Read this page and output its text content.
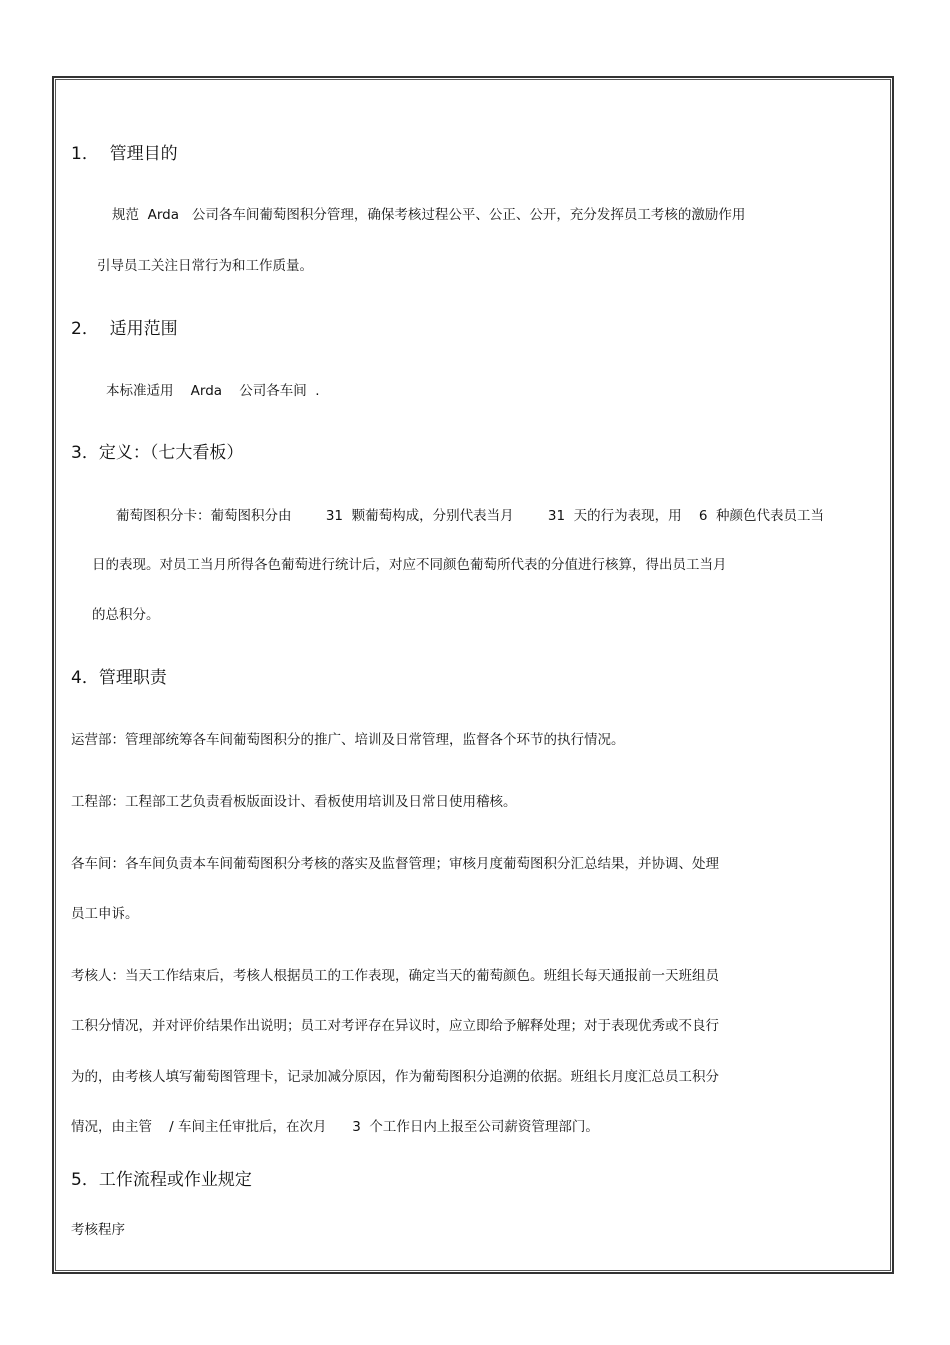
1．  管理目的
规范  Arda   公司各车间葡萄图积分管理，确保考核过程公平、公正、公开，充分发挥员工考核的激励作用
引导员工关注日常行为和工作质量。
2．  适用范围
本标准适用    Arda    公司各车间  .
3．定义：（七大看板）
葡萄图积分卡：葡萄图积分由        31  颗葡萄构成，分别代表当月        31  天的行为表现，用    6  种颜色代表员工当
日的表现。对员工当月所得各色葡萄进行统计后，对应不同颜色葡萄所代表的分值进行核算，得出员工当月
的总积分。
4．管理职责
运营部：管理部统筹各车间葡萄图积分的推广、培训及日常管理，监督各个环节的执行情况。
工程部：工程部工艺负责看板版面设计、看板使用培训及日常日使用稽核。
各车间：各车间负责本车间葡萄图积分考核的落实及监督管理；审核月度葡萄图积分汇总结果，并协调、处理
员工申诉。
考核人：当天工作结束后，考核人根据员工的工作表现，确定当天的葡萄颜色。班组长每天通报前一天班组员
工积分情况，并对评价结果作出说明；员工对考评存在异议时，应立即给予解释处理；对于表现优秀或不良行
为的，由考核人填写葡萄图管理卡，记录加减分原因，作为葡萄图积分追溯的依据。班组长月度汇总员工积分
情况，由主管    / 车间主任审批后，在次月      3  个工作日内上报至公司薪资管理部门。
5．工作流程或作业规定
考核程序
